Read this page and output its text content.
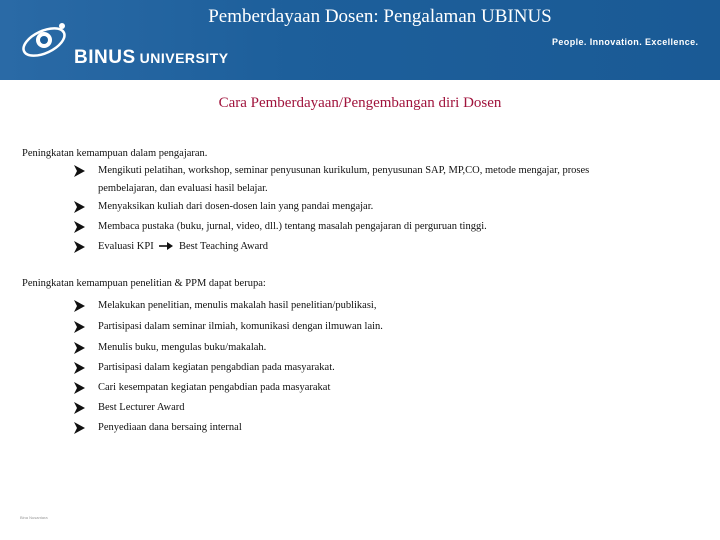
Pemberdayaan Dosen: Pengalaman UBINUS
BINUS UNIVERSITY
People. Innovation. Excellence.
Cara Pemberdayaan/Pengembangan diri Dosen
Peningkatan kemampuan dalam pengajaran.
Mengikuti pelatihan, workshop, seminar penyusunan kurikulum, penyusunan SAP, MP,CO, metode mengajar, proses
pembelajaran, dan evaluasi hasil belajar.
Menyaksikan kuliah dari dosen-dosen lain yang pandai mengajar.
Membaca pustaka (buku, jurnal, video, dll.) tentang masalah pengajaran di perguruan tinggi.
Evaluasi KPI Best Teaching Award
Peningkatan kemampuan penelitian & PPM dapat berupa:
Melakukan penelitian, menulis makalah hasil penelitian/publikasi,
Partisipasi dalam seminar ilmiah, komunikasi dengan ilmuwan lain.
Menulis buku, mengulas buku/makalah.
Partisipasi dalam kegiatan pengabdian pada masyarakat.
Cari kesempatan kegiatan pengabdian pada masyarakat
Best Lecturer Award
Penyediaan dana bersaing internal
Bina Nusantara
